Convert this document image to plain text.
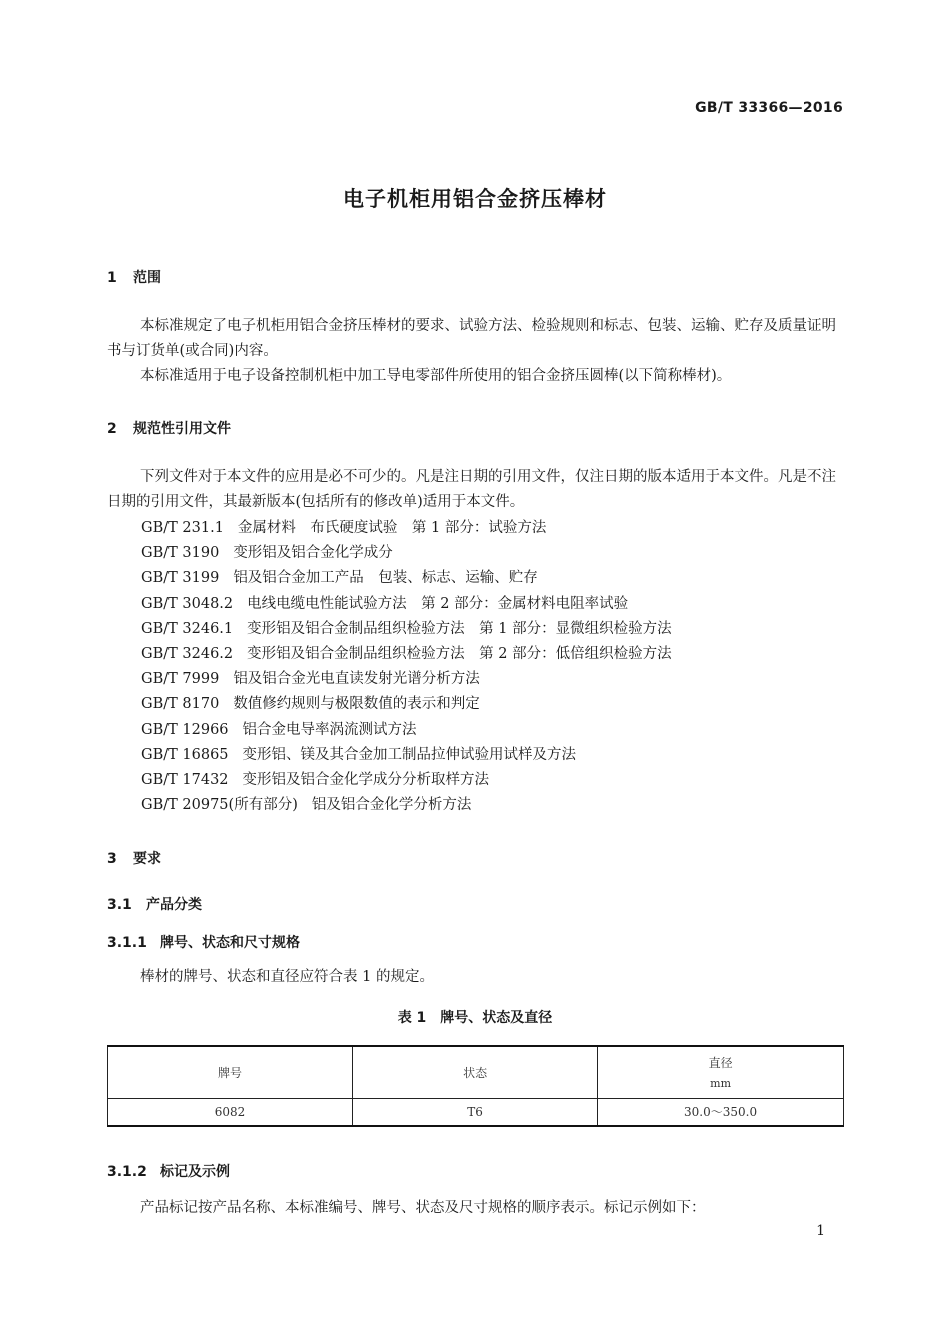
GB/T 33366—2016
电子机柜用铝合金挤压棒材
1 范围

本标准规定了电子机柜用铝合金挤压棒材的要求、试验方法、检验规则和标志、包装、运输、贮存及质量证明书与订货单(或合同)内容。

本标准适用于电子设备控制机柜中加工导电零部件所使用的铝合金挤压圆棒(以下简称棒材)。

2 规范性引用文件

下列文件对于本文件的应用是必不可少的。凡是注日期的引用文件，仅注日期的版本适用于本文件。凡是不注日期的引用文件，其最新版本(包括所有的修改单)适用于本文件。

GB/T 231.1 金属材料　布氏硬度试验　第 1 部分：试验方法
GB/T 3190 变形铝及铝合金化学成分
GB/T 3199 铝及铝合金加工产品　包装、标志、运输、贮存
GB/T 3048.2 电线电缆电性能试验方法　第 2 部分：金属材料电阻率试验
GB/T 3246.1 变形铝及铝合金制品组织检验方法　第 1 部分：显微组织检验方法
GB/T 3246.2 变形铝及铝合金制品组织检验方法　第 2 部分：低倍组织检验方法
GB/T 7999 铝及铝合金光电直读发射光谱分析方法
GB/T 8170 数值修约规则与极限数值的表示和判定
GB/T 12966 铝合金电导率涡流测试方法
GB/T 16865 变形铝、镁及其合金加工制品拉伸试验用试样及方法
GB/T 17432 变形铝及铝合金化学成分分析取样方法
GB/T 20975(所有部分) 铝及铝合金化学分析方法
3 要求
3.1 产品分类
3.1.1 牌号、状态和尺寸规格
棒材的牌号、状态和直径应符合表 1 的规定。
表 1　牌号、状态及直径
牌号	状态	直径
mm

6082	T6	30.0～350.0
3.1.2 标记及示例
产品标记按产品名称、本标准编号、牌号、状态及尺寸规格的顺序表示。标记示例如下：
1
